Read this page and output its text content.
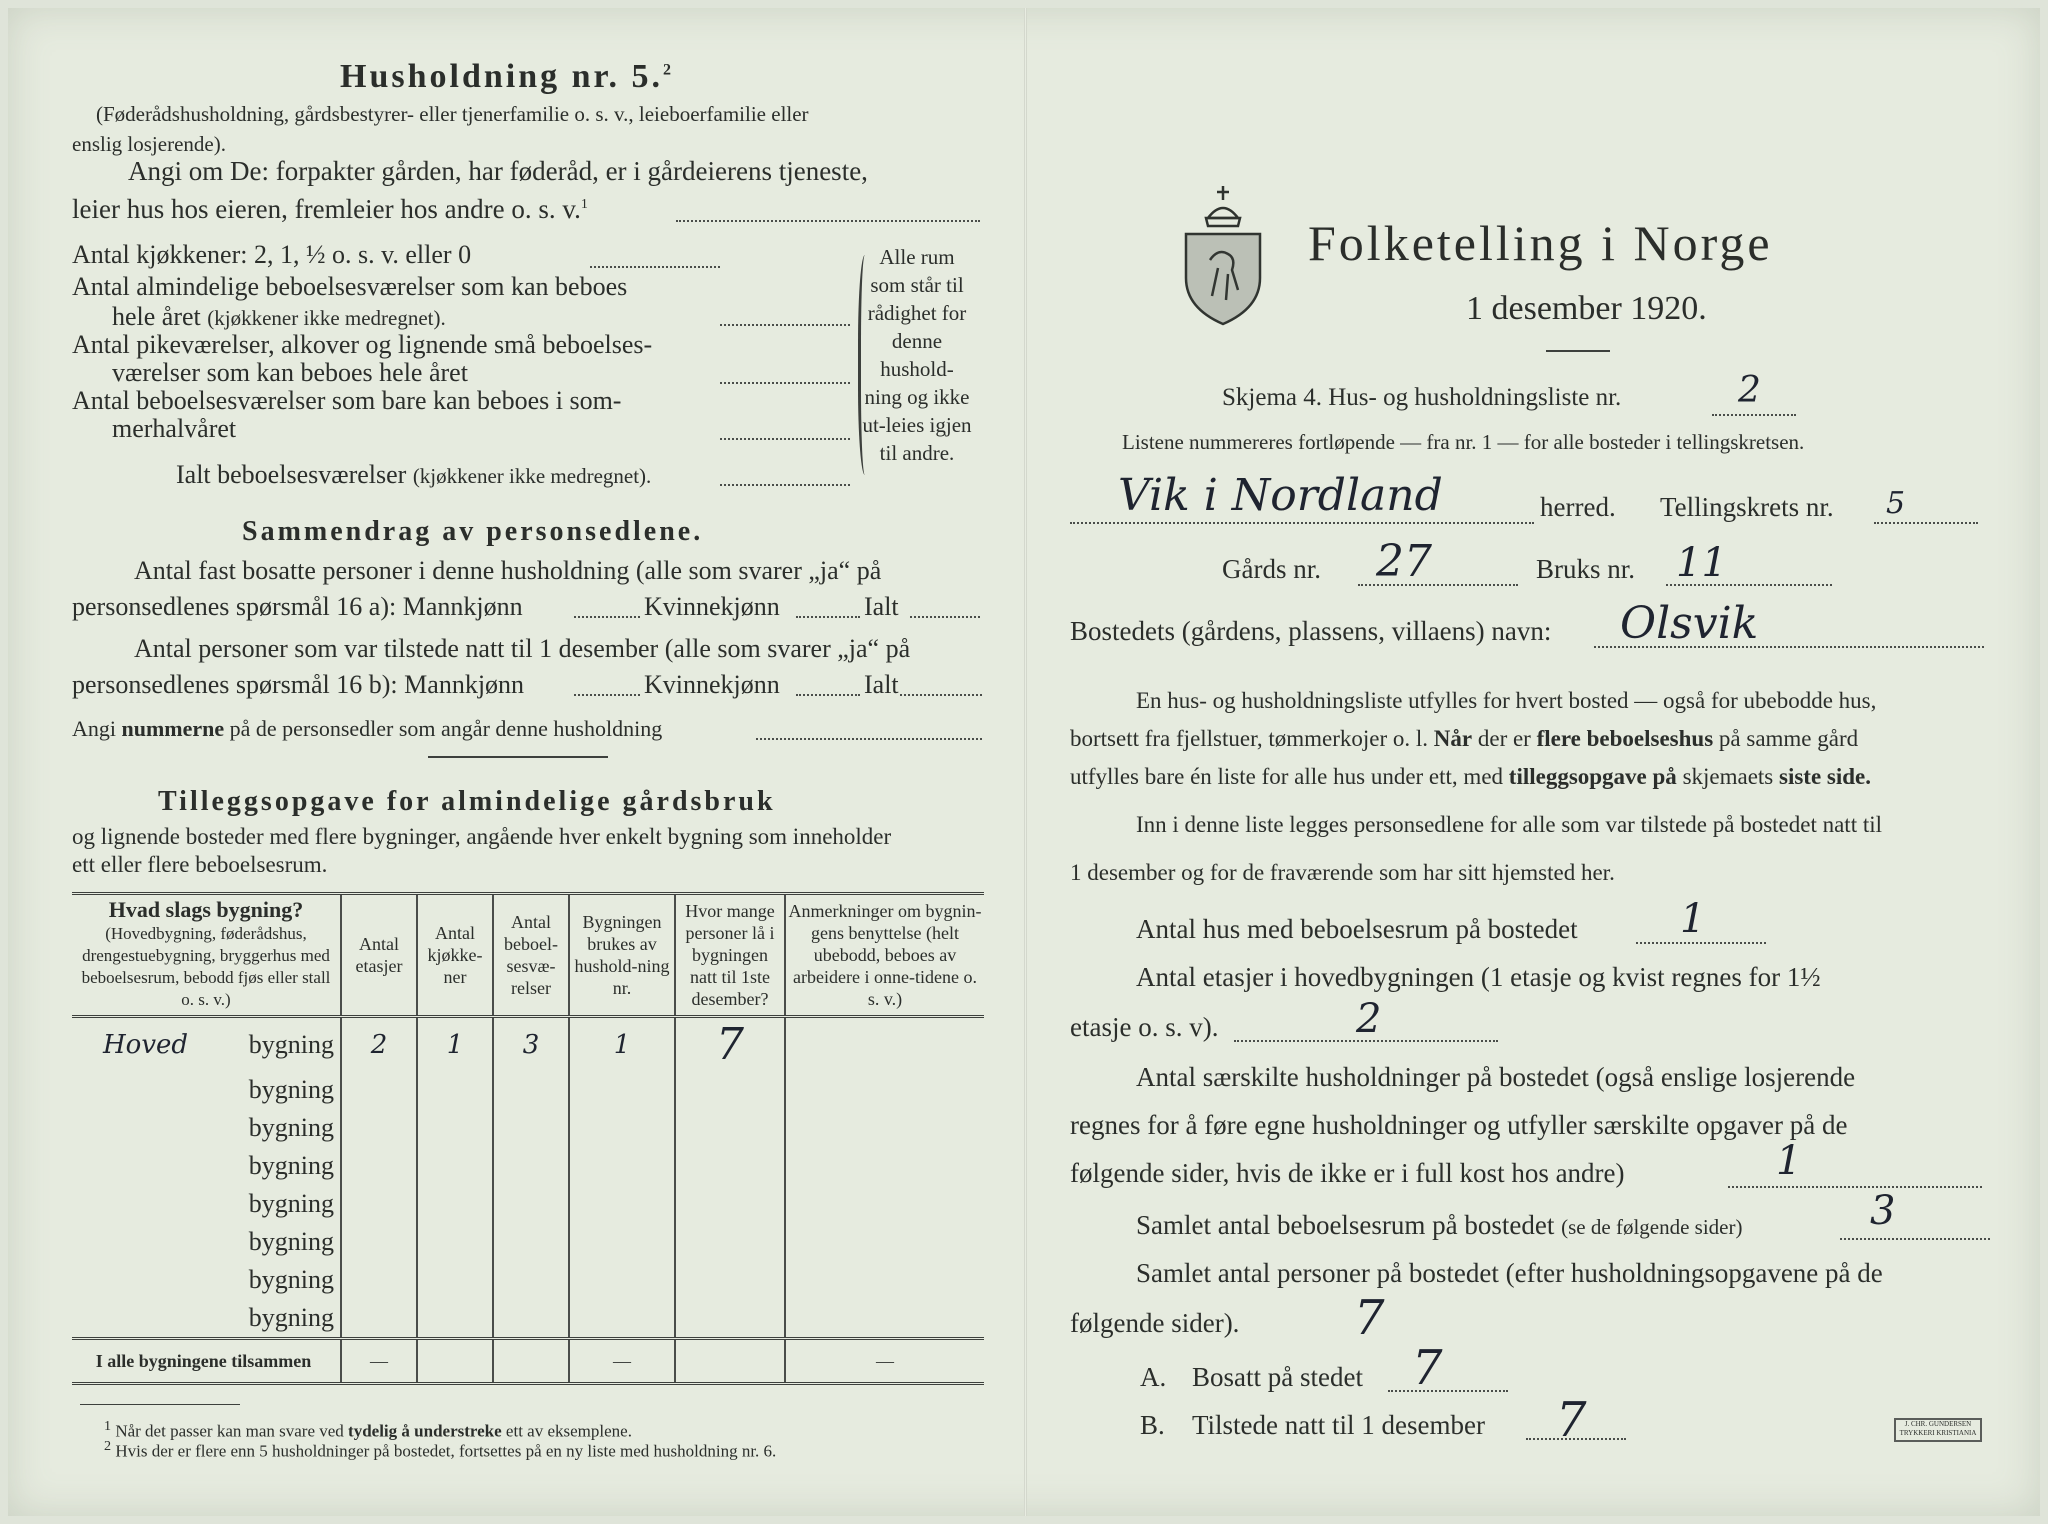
Husholdning nr. 5.$^2$
(Føderådshusholdning, gårdsbestyrer- eller tjenerfamilie o. s. v., leieboerfamilie eller
enslig losjerende).
Angi om De: forpakter gården, har føderåd, er i gårdeierens tjeneste,
leier hus hos eieren, fremleier hos andre o. s. v.$^1$
Antal kjøkkener: 2, 1, ½ o. s. v. eller 0
Antal almindelige beboelsesværelser som kan beboes
hele året (kjøkkener ikke medregnet).
Antal pikeværelser, alkover og lignende små beboelses-
værelser som kan beboes hele året
Antal beboelsesværelser som bare kan beboes i som-
merhalvåret
Ialt beboelsesværelser (kjøkkener ikke medregnet).
Alle rum som står til rådighet for denne hushold-ning og ikke ut-leies igjen til andre.
Sammendrag av personsedlene.
Antal fast bosatte personer i denne husholdning (alle som svarer „ja“ på
personsedlenes spørsmål 16 a): Mannkjønn	Kvinnekjønn	Ialt
Antal personer som var tilstede natt til 1 desember (alle som svarer „ja“ på
personsedlenes spørsmål 16 b): Mannkjønn	Kvinnekjønn	Ialt
Angi nummerne på de personsedler som angår denne husholdning
Tilleggsopgave for almindelige gårdsbruk
og lignende bosteder med flere bygninger, angående hver enkelt bygning som inneholder
ett eller flere beboelsesrum.
Hvad slags bygning?
(Hovedbygning, føderådshus, drengestuebygning, bryggerhus med beboelsesrum, bebodd fjøs eller stall o. s. v.)	Antal etasjer	Antal kjøkke-ner	Antal beboel-sesvæ-relser	Bygningen brukes av hushold-ning nr.	Hvor mange personer lå i bygningen natt til 1ste desember?	Anmerkninger om bygnin-gens benyttelse (helt ubebodd, beboes av arbeidere i onne-tidene o. s. v.)

Hoved bygning	2	1	3	1	7	

bygning						

bygning						

bygning						

bygning						

bygning						

bygning						

bygning						
I alle bygningene tilsammen	—			—		—
$^1$ Når det passer kan man svare ved tydelig å understreke ett av eksemplene.
$^2$ Hvis der er flere enn 5 husholdninger på bostedet, fortsettes på en ny liste med husholdning nr. 6.
Folketelling i Norge
1 desember 1920.
Skjema 4. Hus- og husholdningsliste nr.	2
Listene nummereres fortløpende — fra nr. 1 — for alle bosteder i tellingskretsen.
Vik i Nordland	herred. Tellingskrets nr. 5
Gårds nr. 27	Bruks nr. 11
Bostedets (gårdens, plassens, villaens) navn: Olsvik
En hus- og husholdningsliste utfylles for hvert bosted — også for ubebodde hus,
bortsett fra fjellstuer, tømmerkojer o. l. Når der er flere beboelseshus på samme gård
utfylles bare én liste for alle hus under ett, med tilleggsopgave på skjemaets siste side.
Inn i denne liste legges personsedlene for alle som var tilstede på bostedet natt til
1 desember og for de fraværende som har sitt hjemsted her.
Antal hus med beboelsesrum på bostedet	1
Antal etasjer i hovedbygningen (1 etasje og kvist regnes for 1½
etasje o. s. v).	2
Antal særskilte husholdninger på bostedet (også enslige losjerende
regnes for å føre egne husholdninger og utfyller særskilte opgaver på de
følgende sider, hvis de ikke er i full kost hos andre)	1
Samlet antal beboelsesrum på bostedet (se de følgende sider)	3
Samlet antal personer på bostedet (efter husholdningsopgavene på de
følgende sider). 7
A. Bosatt på stedet 7
B. Tilstede natt til 1 desember 7	J. CHR. GUNDERSEN TRYKKERI KRISTIANIA
